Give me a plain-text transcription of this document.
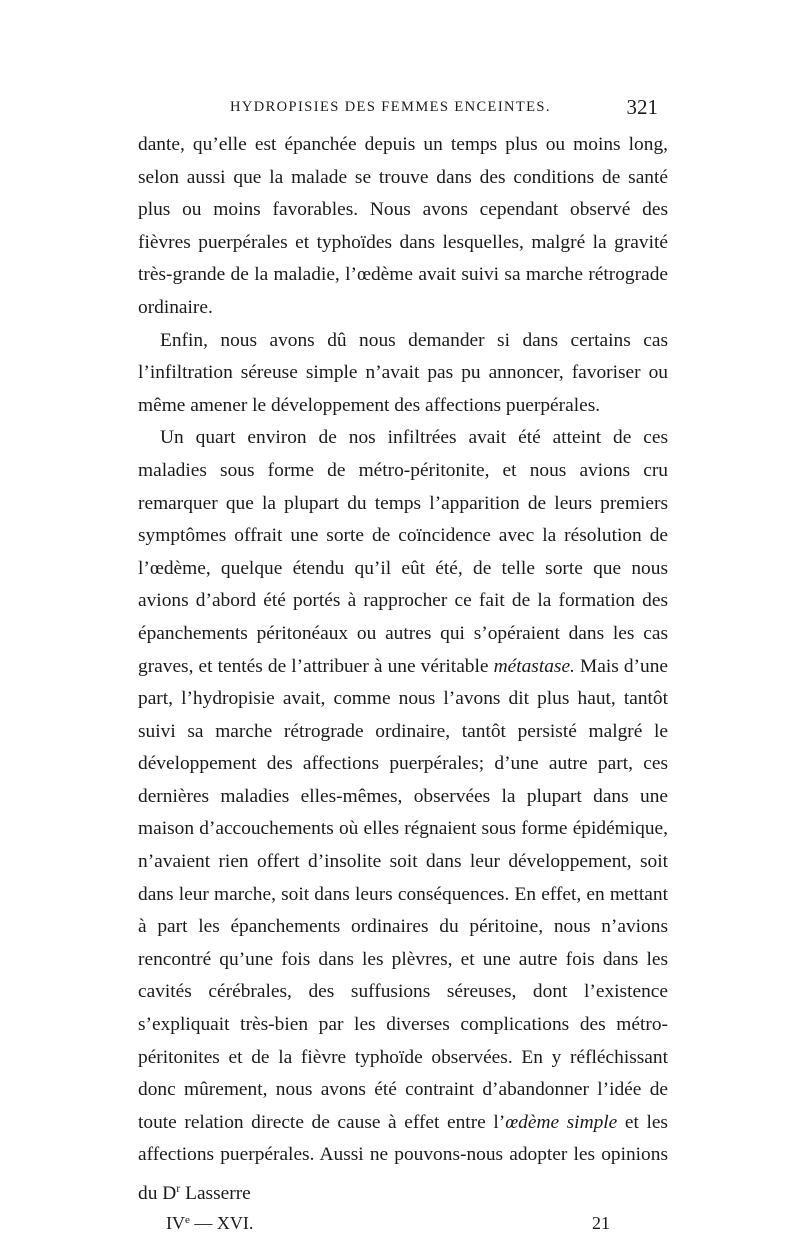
HYDROPISIES DES FEMMES ENCEINTES.	321

dante, qu’elle est épanchée depuis un temps plus ou moins long, selon aussi que la malade se trouve dans des conditions de santé plus ou moins favorables. Nous avons cependant observé des fièvres puerpérales et typhoïdes dans lesquelles, malgré la gravité très-grande de la maladie, l’œdème avait suivi sa marche rétrograde ordinaire.

Enfin, nous avons dû nous demander si dans certains cas l’infiltration séreuse simple n’avait pas pu annoncer, favoriser ou même amener le développement des affections puerpérales.

Un quart environ de nos infiltrées avait été atteint de ces maladies sous forme de métro-péritonite, et nous avions cru remarquer que la plupart du temps l’apparition de leurs premiers symptômes offrait une sorte de coïncidence avec la résolution de l’œdème, quelque étendu qu’il eût été, de telle sorte que nous avions d’abord été portés à rapprocher ce fait de la formation des épanchements péritonéaux ou autres qui s’opéraient dans les cas graves, et tentés de l’attribuer à une véritable métastase. Mais d’une part, l’hydropisie avait, comme nous l’avons dit plus haut, tantôt suivi sa marche rétrograde ordinaire, tantôt persisté malgré le développement des affections puerpérales; d’une autre part, ces dernières maladies elles-mêmes, observées la plupart dans une maison d’accouchements où elles régnaient sous forme épidémique, n’avaient rien offert d’insolite soit dans leur développement, soit dans leur marche, soit dans leurs conséquences. En effet, en mettant à part les épanchements ordinaires du péritoine, nous n’avions rencontré qu’une fois dans les plèvres, et une autre fois dans les cavités cérébrales, des suffusions séreuses, dont l’existence s’expliquait très-bien par les diverses complications des métro-péritonites et de la fièvre typhoïde observées. En y réfléchissant donc mûrement, nous avons été contraint d’abandonner l’idée de toute relation directe de cause à effet entre l’œdème simple et les affections puerpérales. Aussi ne pouvons-nous adopter les opinions du $D^r$ Lasserre

IVe — XVI.	21
